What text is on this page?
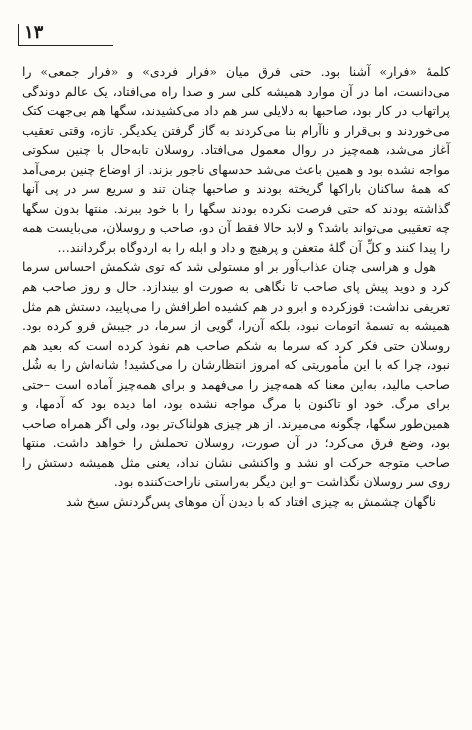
۱۳

کلمهٔ «فرار» آشنا بود. حتی فرق میان «فرار فردی» و «فرار جمعی» را می‌دانست، اما در آن موارد همیشه کلی سر و صدا راه می‌افتاد، یک عالم دوندگی پراتهاب در کار بود، صاحبها به دلایلی سر هم داد می‌کشیدند، سگها هم بی‌جهت کتک می‌خوردند و بی‌قرار و ناآرام بنا می‌کردند به گاز گرفتن یکدیگر. تازه، وقتی تعقیب آغاز می‌شد، همه‌چیز در روال معمول می‌افتاد. روسلان تابه‌حال با چنین سکوتی مواجه نشده بود و همین باعث می‌شد حدسهای ناجور بزند. از اوضاع چنین برمی‌آمد که همهٔ ساکنان باراکها گریخته بودند و صاحبها چنان تند و سریع سر در پی آنها گذاشته بودند که حتی فرصت نکرده بودند سگها را با خود ببرند. منتها بدون سگها چه تعقیبی می‌تواند باشد؟ و لابد حالا فقط آن دو، صاحب و روسلان، می‌بایست همه را پیدا کنند و کلِّ آن گلهٔ متعفن و پرهیچ و داد و ابله را به اردوگاه برگردانند…

هول و هراسی چنان عذاب‌آور بر او مستولی شد که توی شکمش احساس سرما کرد و دوید پیش پای صاحب تا نگاهی به صورت او بیندازد. حال و روز صاحب هم تعریفی نداشت: قوزکرده و ابرو در هم کشیده اطرافش را می‌پایید، دستش هم مثل همیشه به تسمهٔ اتومات نبود، بلکه آن‌را، گویی از سرما، در جیبش فرو کرده بود. روسلان حتی فکر کرد که سرما به شکم صاحب هم نفوذ کرده است که بعید هم نبود، چرا که با این مأموریتی که امروز انتظارشان را می‌کشید! شانه‌اش را به شُل صاحب مالید، به‌این معنا که همه‌چیز را می‌فهمد و برای همه‌چیز آماده است –حتی برای مرگ. خود او تاکنون با مرگ مواجه نشده بود، اما دیده بود که آدمها، و همین‌طور سگها، چگونه می‌میرند. از هر چیزی هولناک‌تر بود، ولی اگر همراه صاحب بود، وضع فرق می‌کرد؛ در آن صورت، روسلان تحملش را خواهد داشت. منتها صاحب متوجه حرکت او نشد و واکنشی نشان نداد، یعنی مثل همیشه دستش را روی سر روسلان نگذاشت –و این دیگر به‌راستی ناراحت‌کننده بود.

ناگهان چشمش به چیزی افتاد که با دیدن آن موهای پس‌گردنش سیخ شد
